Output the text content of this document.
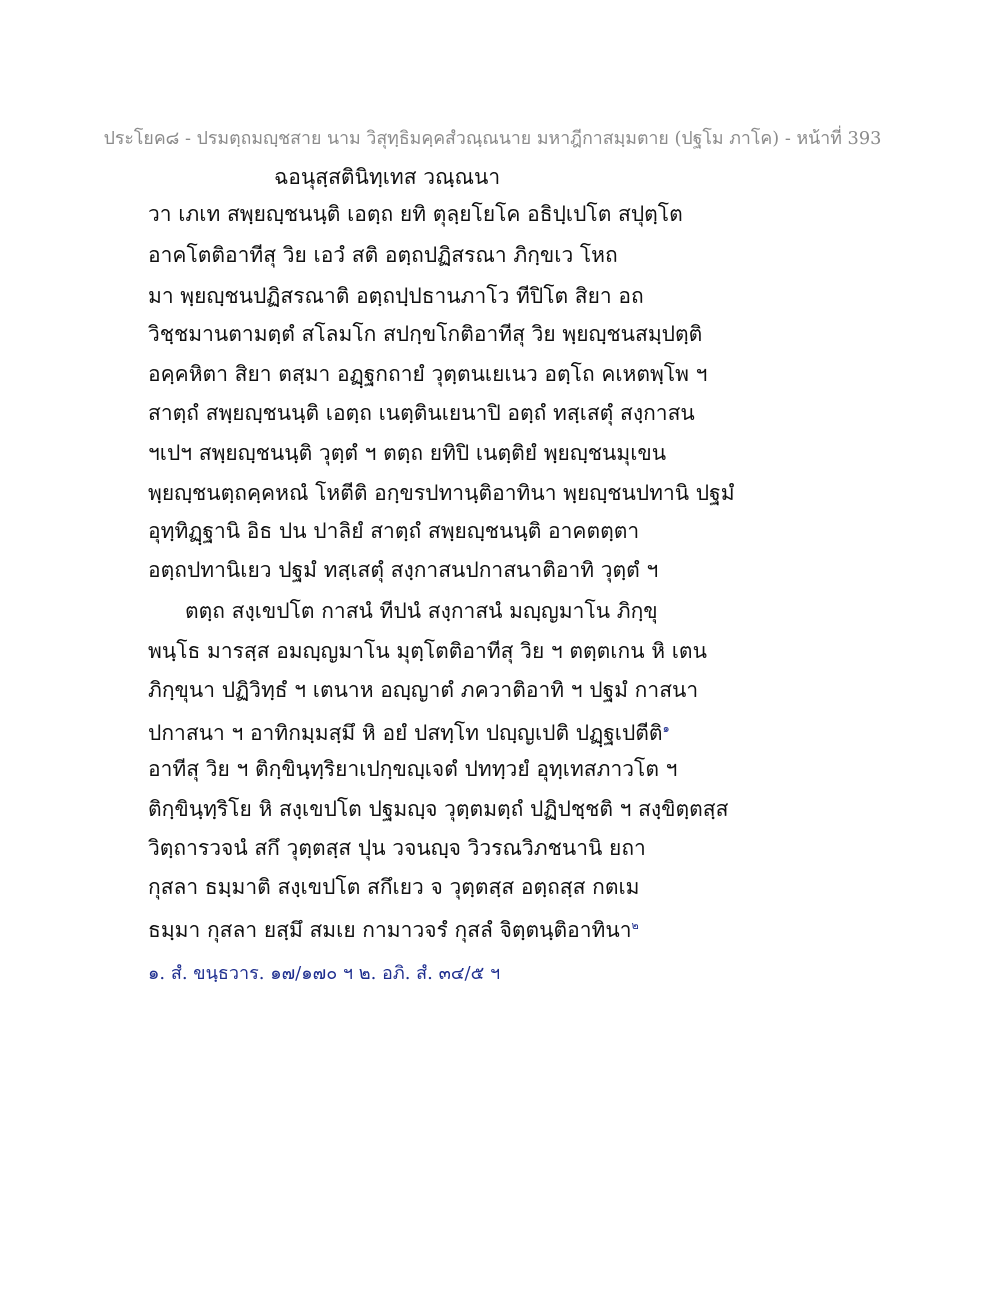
ประโยค๘ - ปรมตฺถมญฺชสาย นาม วิสุทฺธิมคฺคสํวณฺณนาย มหาฎีกาสมฺมตาย (ปฐโม ภาโค) - หน้าที่ 393
ฉอนุสฺสตินิทฺเทส วณฺณนา
วา เภเท สพฺยญฺชนนฺติ เอตฺถ ยทิ ตุลฺยโยโค อธิปฺเปโต สปุตฺโต
อาคโตติอาทีสุ วิย เอวํ สติ อตฺถปฏิสรณา ภิกฺขเว โหถ
มา พฺยญฺชนปฏิสรณาติ อตฺถปฺปธานภาโว ทีปิโต สิยา อถ
วิชฺชมานตามตฺตํ สโลมโก สปกฺขโกติอาทีสุ วิย พฺยญฺชนสมฺปตฺติ
อคฺคหิตา สิยา ตสฺมา อฏฺฐกถายํ วุตฺตนเยเนว อตฺโถ คเหตพฺโพ ฯ
สาตฺถํ สพฺยญฺชนนฺติ เอตฺถ เนตฺตินเยนาปิ อตฺถํ ทสฺเสตุํ สงฺกาสน
ฯเปฯ สพฺยญฺชนนฺติ วุตฺตํ ฯ ตตฺถ ยทิปิ เนตฺติยํ พฺยญฺชนมุเขน
พฺยญฺชนตฺถคฺคหณํ โหตีติ อกฺขรปทานฺติอาทินา พฺยญฺชนปทานิ ปฐมํ
อุทฺทิฏฺฐานิ อิธ ปน ปาลิยํ สาตฺถํ สพฺยญฺชนนฺติ อาคตตฺตา
อตฺถปทานิเยว ปฐมํ ทสฺเสตุํ สงฺกาสนปกาสนาติอาทิ วุตฺตํ ฯ
ตตฺถ สงฺเขปโต กาสนํ ทีปนํ สงฺกาสนํ มญฺญมาโน ภิกฺขุ
พนฺโธ มารสฺส อมญฺญมาโน มุตฺโตติอาทีสุ วิย ฯ ตตฺตเกน หิ เตน
ภิกฺขุนา ปฏิวิทฺธํ ฯ เตนาห อญฺญาตํ ภควาติอาทิ ฯ ปฐมํ กาสนา
ปกาสนา ฯ อาทิกมฺมสฺมึ หิ อยํ ปสทฺโท ปญฺญเปติ ปฏฺฐเปตีติ$^๑$
อาทีสุ วิย ฯ ติกฺขินฺทฺริยาเปกฺขญฺเจตํ ปททฺวยํ อุทฺเทสภาวโต ฯ
ติกฺขินฺทฺริโย หิ สงฺเขปโต ปฐมญฺจ วุตฺตมตฺถํ ปฏิปชฺชติ ฯ สงฺขิตฺตสฺส
วิตฺถารวจนํ สกึ วุตฺตสฺส ปุน วจนญฺจ วิวรณวิภชนานิ ยถา
กุสลา ธมฺมาติ สงฺเขปโต สกึเยว จ วุตฺตสฺส อตฺถสฺส กตเม
ธมฺมา กุสลา ยสฺมึ สมเย กามาวจรํ กุสลํ จิตฺตนฺติอาทินา$^๒$
๑. สํ. ขนฺธวาร. ๑๗/๑๗๐ ฯ ๒. อภิ. สํ. ๓๔/๕ ฯ
